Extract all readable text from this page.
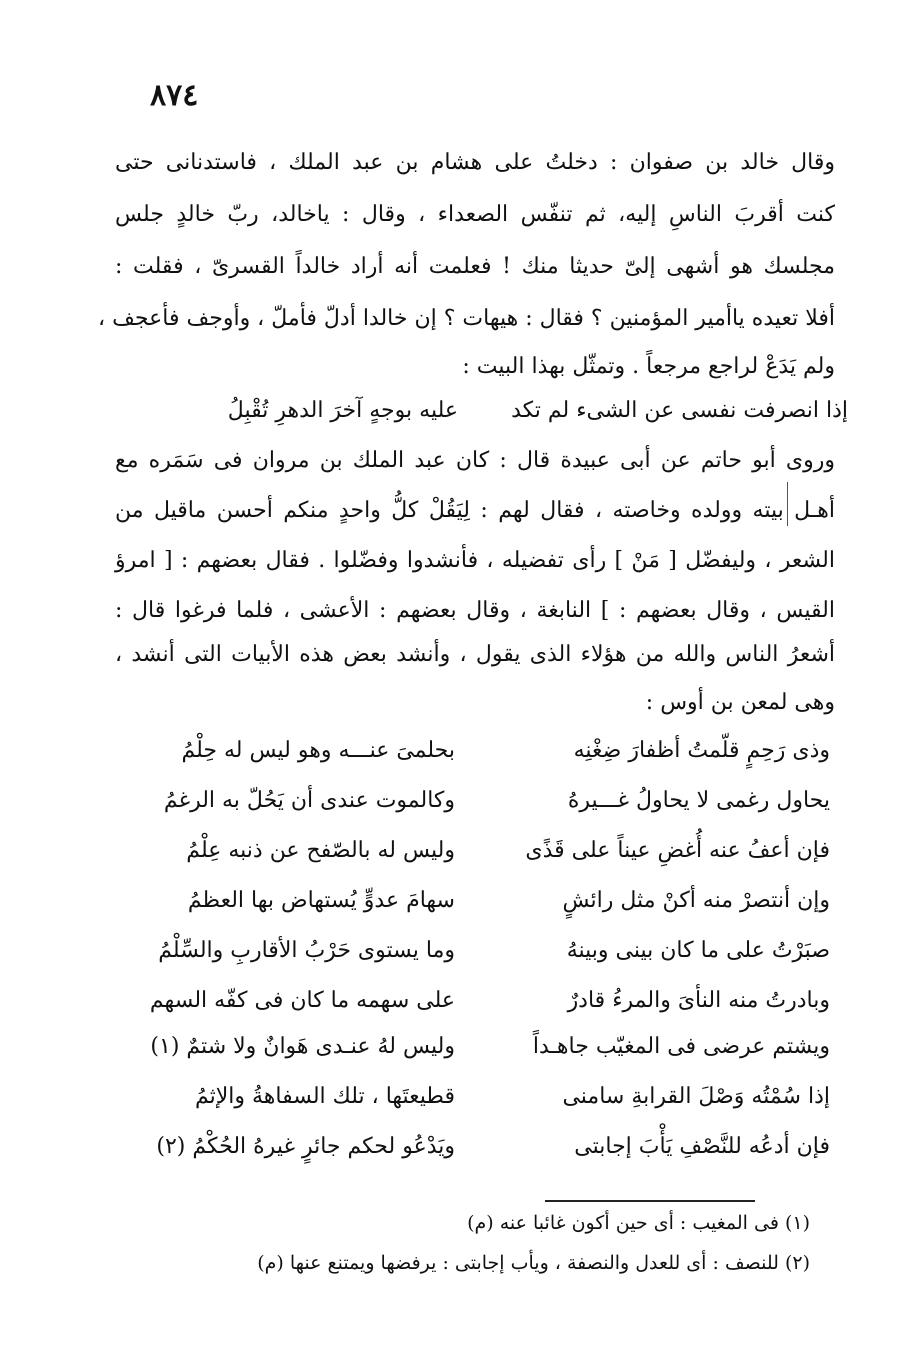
٨٧٤
وقال خالد بن صفوان : دخلتُ على هشام بن عبد الملك ، فاستدنانى حتى
كنت أقربَ الناسِ إليه، ثم تنفّس الصعداء ، وقال : ياخالد، ربّ خالدٍ جلس
مجلسك هو أشهى إلىّ حديثا منك ! فعلمت أنه أراد خالداً القسرىّ ، فقلت :
أفلا تعيده ياأمير المؤمنين ؟ فقال : هيهات ؟ إن خالدا أدلّ فأملّ ، وأوجف فأعجف ،
ولم يَدَعْ لراجع مرجعاً . وتمثّل بهذا البيت :
إذا انصرفت نفسى عن الشىء لم تكد
عليه بوجهٍ آخرَ الدهرِ تُقْبِلُ
وروى أبو حاتم عن أبى عبيدة قال : كان عبد الملك بن مروان فى سَمَره مع
أهـل بيته وولده وخاصته ، فقال لهم : لِيَقُلْ كلُّ واحدٍ منكم أحسن ماقيل من
الشعر ، وليفضّل [ مَنْ ] رأى تفضيله ، فأنشدوا وفضّلوا . فقال بعضهم : [ امرؤ
القيس ، وقال بعضهم : ] النابغة ، وقال بعضهم : الأعشى ، فلما فرغوا قال :
أشعرُ الناس والله من هؤلاء الذى يقول ، وأنشد بعض هذه الأبيات التى أنشد ،
وهى لمعن بن أوس :
وذى رَحِمٍ قلّمتُ أظفارَ ضِغْنِه
بحلمىَ عنـــه وهو ليس له حِلْمُ
يحاول رغمى لا يحاولُ غـــيرهُ
وكالموت عندى أن يَحُلّ به الرغمُ
فإن أعفُ عنه أُغضِ عيناً على قَذًى
وليس له بالصّفح عن ذنبه عِلْمُ
وإن أنتصرْ منه أكنْ مثل رائشٍ
سهامَ عدوٍّ يُستهاض بها العظمُ
صبَرْتُ على ما كان بينى وبينهُ
وما يستوى حَرْبُ الأقاربِ والسِّلْمُ
وبادرتُ منه النأىَ والمرءُ قادرٌ
على سهمه ما كان فى كفّه السهم
ويشتم عرضى فى المغيّب جاهـداً
وليس لهُ عنـدى هَوانٌ ولا شتمٌ (١)
إذا سُمْتُه وَصْلَ القرابةِ سامنى
قطيعتَها ، تلك السفاهةُ والإثمُ
فإن أدعُه للنَّصْفِ يَأْبَ إجابتى
ويَدْعُو لحكم جائرٍ غيرهُ الحُكْمُ (٢)
(١) فى المغيب : أى حين أكون غائبا عنه (م)
(٢) للنصف : أى للعدل والنصفة ، ويأب إجابتى : يرفضها ويمتنع عنها (م)
